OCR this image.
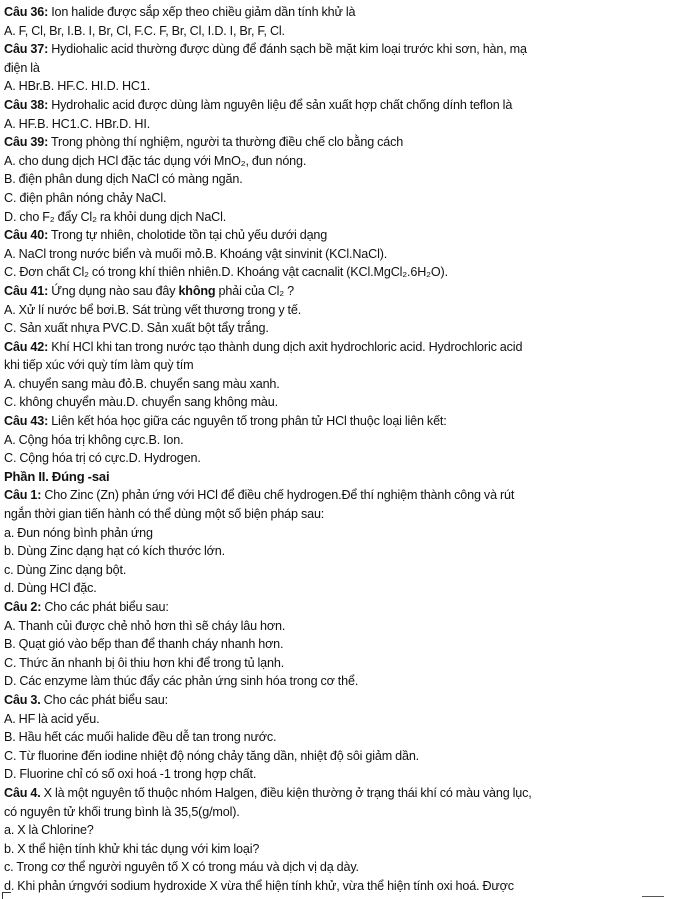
Câu 36: Ion halide được sắp xếp theo chiều giảm dần tính khử là
A. F, Cl, Br, I.B. I, Br, Cl, F.C. F, Br, Cl, I.D. I, Br, F, Cl.
Câu 37: Hydiohalic acid thường được dùng để đánh sạch bề mặt kim loại trước khi sơn, hàn, mạ
điện là
A. HBr.B. HF.C. HI.D. HC1.
Câu 38: Hydrohalic acid được dùng làm nguyên liệu để sản xuất hợp chất chống dính teflon là
A. HF.B. HC1.C. HBr.D. HI.
Câu 39: Trong phòng thí nghiệm, người ta thường điều chế clo bằng cách
A. cho dung dịch HCl đặc tác dụng với MnO₂, đun nóng.
B. điện phân dung dịch NaCl có màng ngăn.
C. điện phân nóng chảy NaCl.
D. cho F₂ đẩy Cl₂ ra khỏi dung dịch NaCl.
Câu 40: Trong tự nhiên, cholotide tồn tại chủ yếu dưới dạng
A. NaCl trong nước biển và muối mỏ.B. Khoáng vật sinvinit (KCl.NaCl).
C. Đơn chất Cl₂ có trong khí thiên nhiên.D. Khoáng vật cacnalit (KCl.MgCl₂.6H₂O).
Câu 41: Ứng dụng nào sau đây không phải của Cl₂ ?
A. Xử lí nước bể bơi.B. Sát trùng vết thương trong y tế.
C. Sản xuất nhựa PVC.D. Sản xuất bột tẩy trắng.
Câu 42: Khí HCl khi tan trong nước tạo thành dung dịch axit hydrochloric acid. Hydrochloric acid
khi tiếp xúc với quỳ tím làm quỳ tím
A. chuyển sang màu đỏ.B. chuyển sang màu xanh.
C. không chuyển màu.D. chuyển sang không màu.
Câu 43: Liên kết hóa học giữa các nguyên tố trong phân tử HCl thuộc loại liên kết:
A. Cộng hóa trị không cực.B. Ion.
C. Cộng hóa trị có cực.D. Hydrogen.
Phần II. Đúng -sai
Câu 1: Cho Zinc (Zn) phản ứng với HCl để điều chế hydrogen.Để thí nghiệm thành công và rút
ngắn thời gian tiến hành có thể dùng một số biện pháp sau:
a. Đun nóng bình phản ứng
b. Dùng Zinc dạng hạt có kích thước lớn.
c. Dùng Zinc dạng bột.
d. Dùng HCl đặc.
Câu 2: Cho các phát biểu sau:
A. Thanh củi được chẻ nhỏ hơn thì sẽ cháy lâu hơn.
B. Quạt gió vào bếp than để thanh cháy nhanh hơn.
C. Thức ăn nhanh bị ôi thiu hơn khi để trong tủ lạnh.
D. Các enzyme làm thúc đẩy các phản ứng sinh hóa trong cơ thể.
Câu 3. Cho các phát biểu sau:
A. HF là acid yếu.
B. Hầu hết các muối halide đều dễ tan trong nước.
C. Từ fluorine đến iodine nhiệt độ nóng chảy tăng dần, nhiệt độ sôi giảm dần.
D. Fluorine chỉ có số oxi hoá -1 trong hợp chất.
Câu 4. X là một nguyên tố thuộc nhóm Halgen, điều kiện thường ở trạng thái khí có màu vàng lục,
có nguyên tử khối trung bình là 35,5(g/mol).
a. X là Chlorine?
b. X thể hiện tính khử khi tác dụng với kim loại?
c. Trong cơ thể người nguyên tố X có trong máu và dịch vị dạ dày.
d. Khi phản ứngvới sodium hydroxide X vừa thể hiện tính khử, vừa thể hiện tính oxi hoá. Được
